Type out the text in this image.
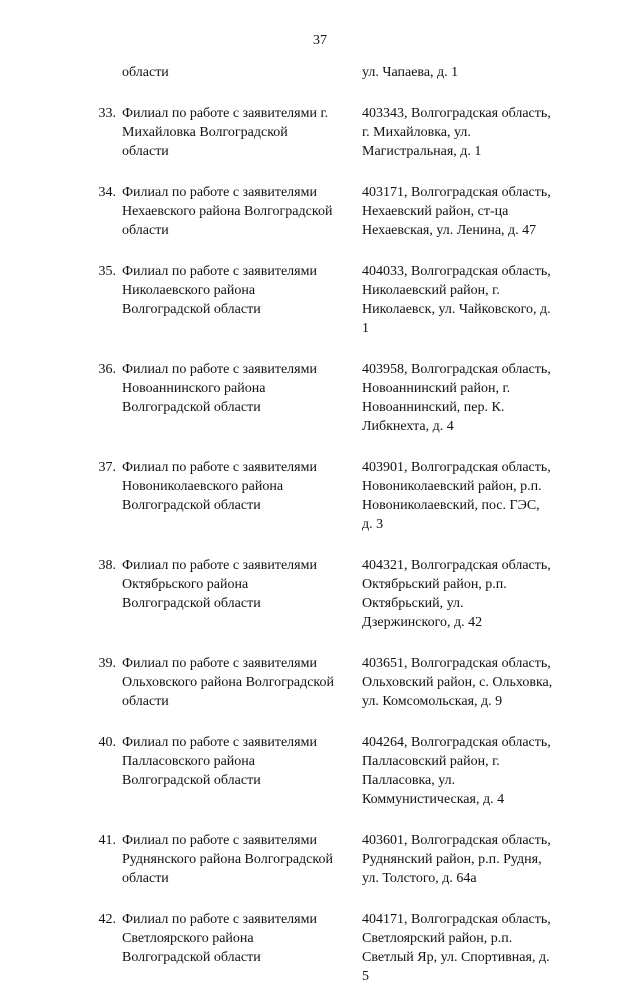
37
	области	ул. Чапаева, д. 1
33.	Филиал по работе с заявителями г.
Михайловка Волгоградской
области	403343, Волгоградская область,
г. Михайловка, ул.
Магистральная, д. 1
34.	Филиал по работе с заявителями
Нехаевского района Волгоградской
области	403171, Волгоградская область,
Нехаевский район, ст-ца
Нехаевская, ул. Ленина, д. 47
35.	Филиал по работе с заявителями
Николаевского района
Волгоградской области	404033, Волгоградская область,
Николаевский район, г.
Николаевск, ул. Чайковского, д.
1
36.	Филиал по работе с заявителями
Новоаннинского района
Волгоградской области	403958, Волгоградская область,
Новоаннинский район, г.
Новоаннинский, пер. К.
Либкнехта, д. 4
37.	Филиал по работе с заявителями
Новониколаевского района
Волгоградской области	403901, Волгоградская область,
Новониколаевский район, р.п.
Новониколаевский, пос. ГЭС,
д. 3
38.	Филиал по работе с заявителями
Октябрьского района
Волгоградской области	404321, Волгоградская область,
Октябрьский район, р.п.
Октябрьский, ул.
Дзержинского, д. 42
39.	Филиал по работе с заявителями
Ольховского района Волгоградской
области	403651, Волгоградская область,
Ольховский район, с. Ольховка,
ул. Комсомольская, д. 9
40.	Филиал по работе с заявителями
Палласовского района
Волгоградской области	404264, Волгоградская область,
Палласовский район, г.
Палласовка, ул.
Коммунистическая, д. 4
41.	Филиал по работе с заявителями
Руднянского района Волгоградской
области	403601, Волгоградская область,
Руднянский район, р.п. Рудня,
ул. Толстого, д. 64а
42.	Филиал по работе с заявителями
Светлоярского района
Волгоградской области	404171, Волгоградская область,
Светлоярский район, р.п.
Светлый Яр, ул. Спортивная, д.
5
